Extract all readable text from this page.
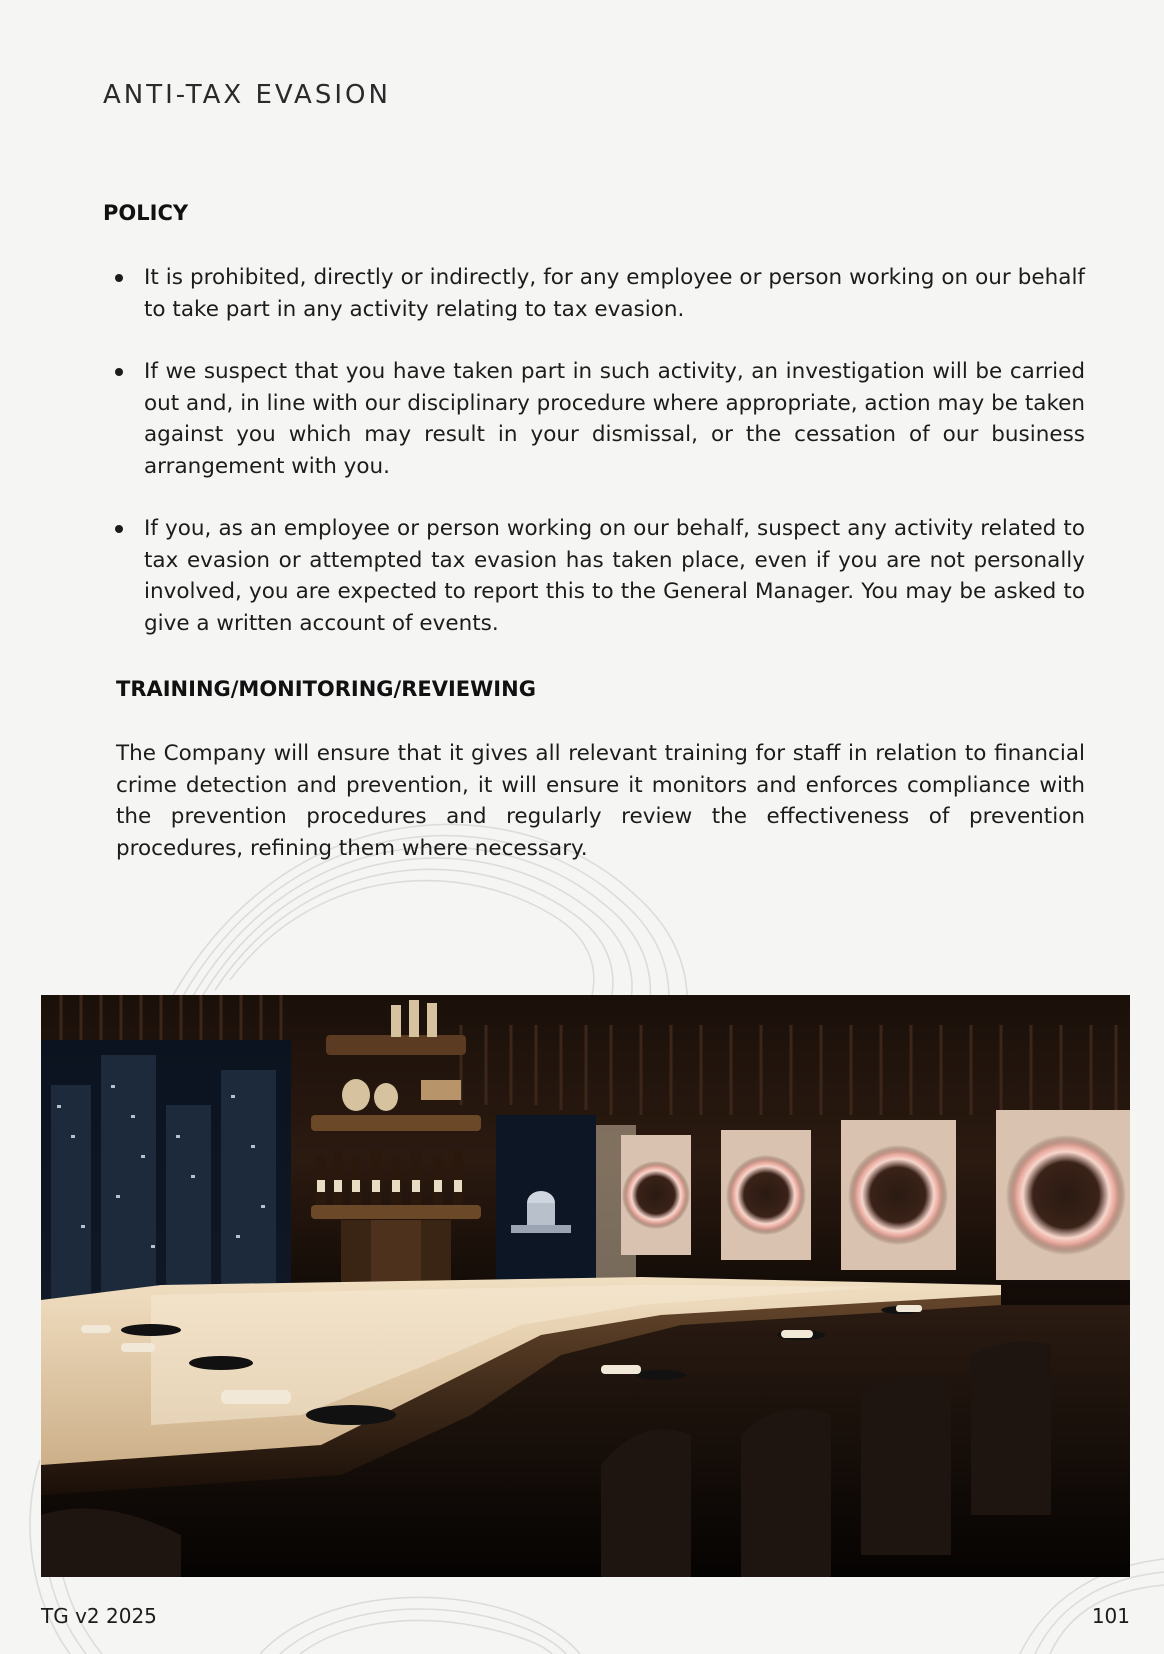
ANTI-TAX EVASION
POLICY
It is prohibited, directly or indirectly, for any employee or person working on our behalf to take part in any activity relating to tax evasion.
If we suspect that you have taken part in such activity, an investigation will be carried out and, in line with our disciplinary procedure where appropriate, action may be taken against you which may result in your dismissal, or the cessation of our business arrangement with you.
If you, as an employee or person working on our behalf, suspect any activity related to tax evasion or attempted tax evasion has taken place, even if you are not personally involved, you are expected to report this to the General Manager. You may be asked to give a written account of events.
TRAINING/MONITORING/REVIEWING

The Company will ensure that it gives all relevant training for staff in relation to financial crime detection and prevention, it will ensure it monitors and enforces compliance with the prevention procedures and regularly review the effectiveness of prevention procedures, refining them where necessary.

TG v2 2025	101
